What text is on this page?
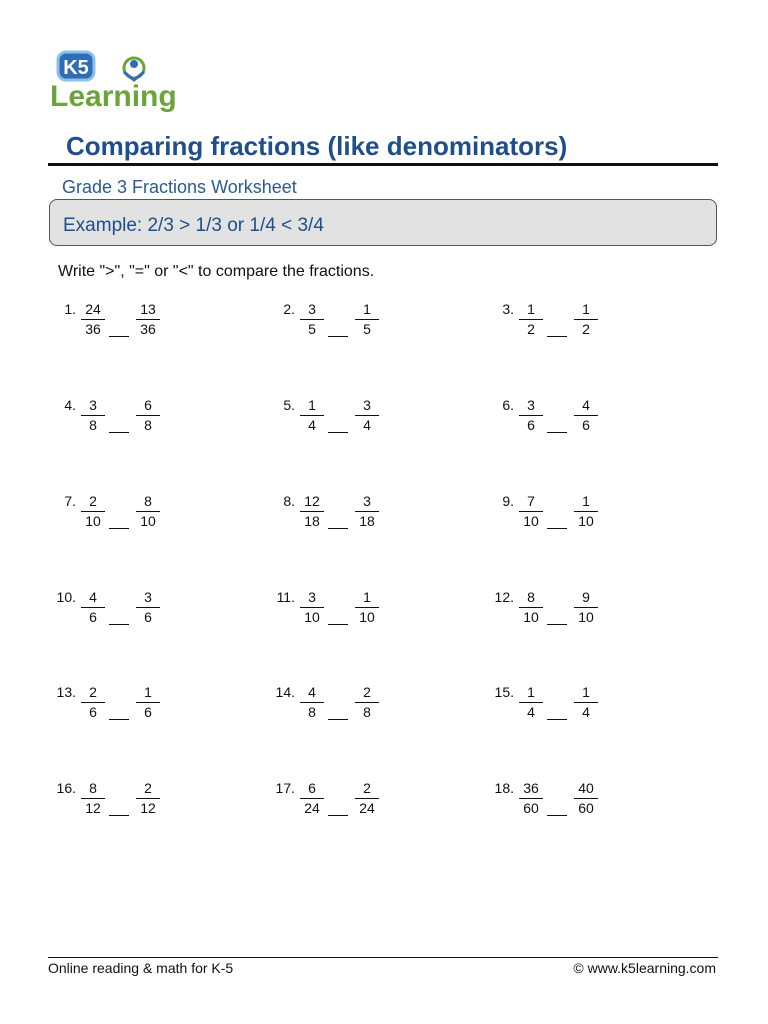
K5
Learning
Comparing fractions (like denominators)
Grade 3 Fractions Worksheet
Example: 2/3 > 1/3 or 1/4 < 3/4
Write ">", "=" or "<" to compare the fractions.
1. 24
36
13
36
2. 3
5
1
5
3. 1
2
1
2
4. 3
8
6
8
5. 1
4
3
4
6. 3
6
4
6
7. 2
10
8
10
8. 12
18
3
18
9. 7
10
1
10
10. 4
6
3
6
11. 3
10
1
10
12. 8
10
9
10
13. 2
6
1
6
14. 4
8
2
8
15. 1
4
1
4
16. 8
12
2
12
17. 6
24
2
24
18. 36
60
40
60
Online reading & math for K-5	© www.k5learning.com
